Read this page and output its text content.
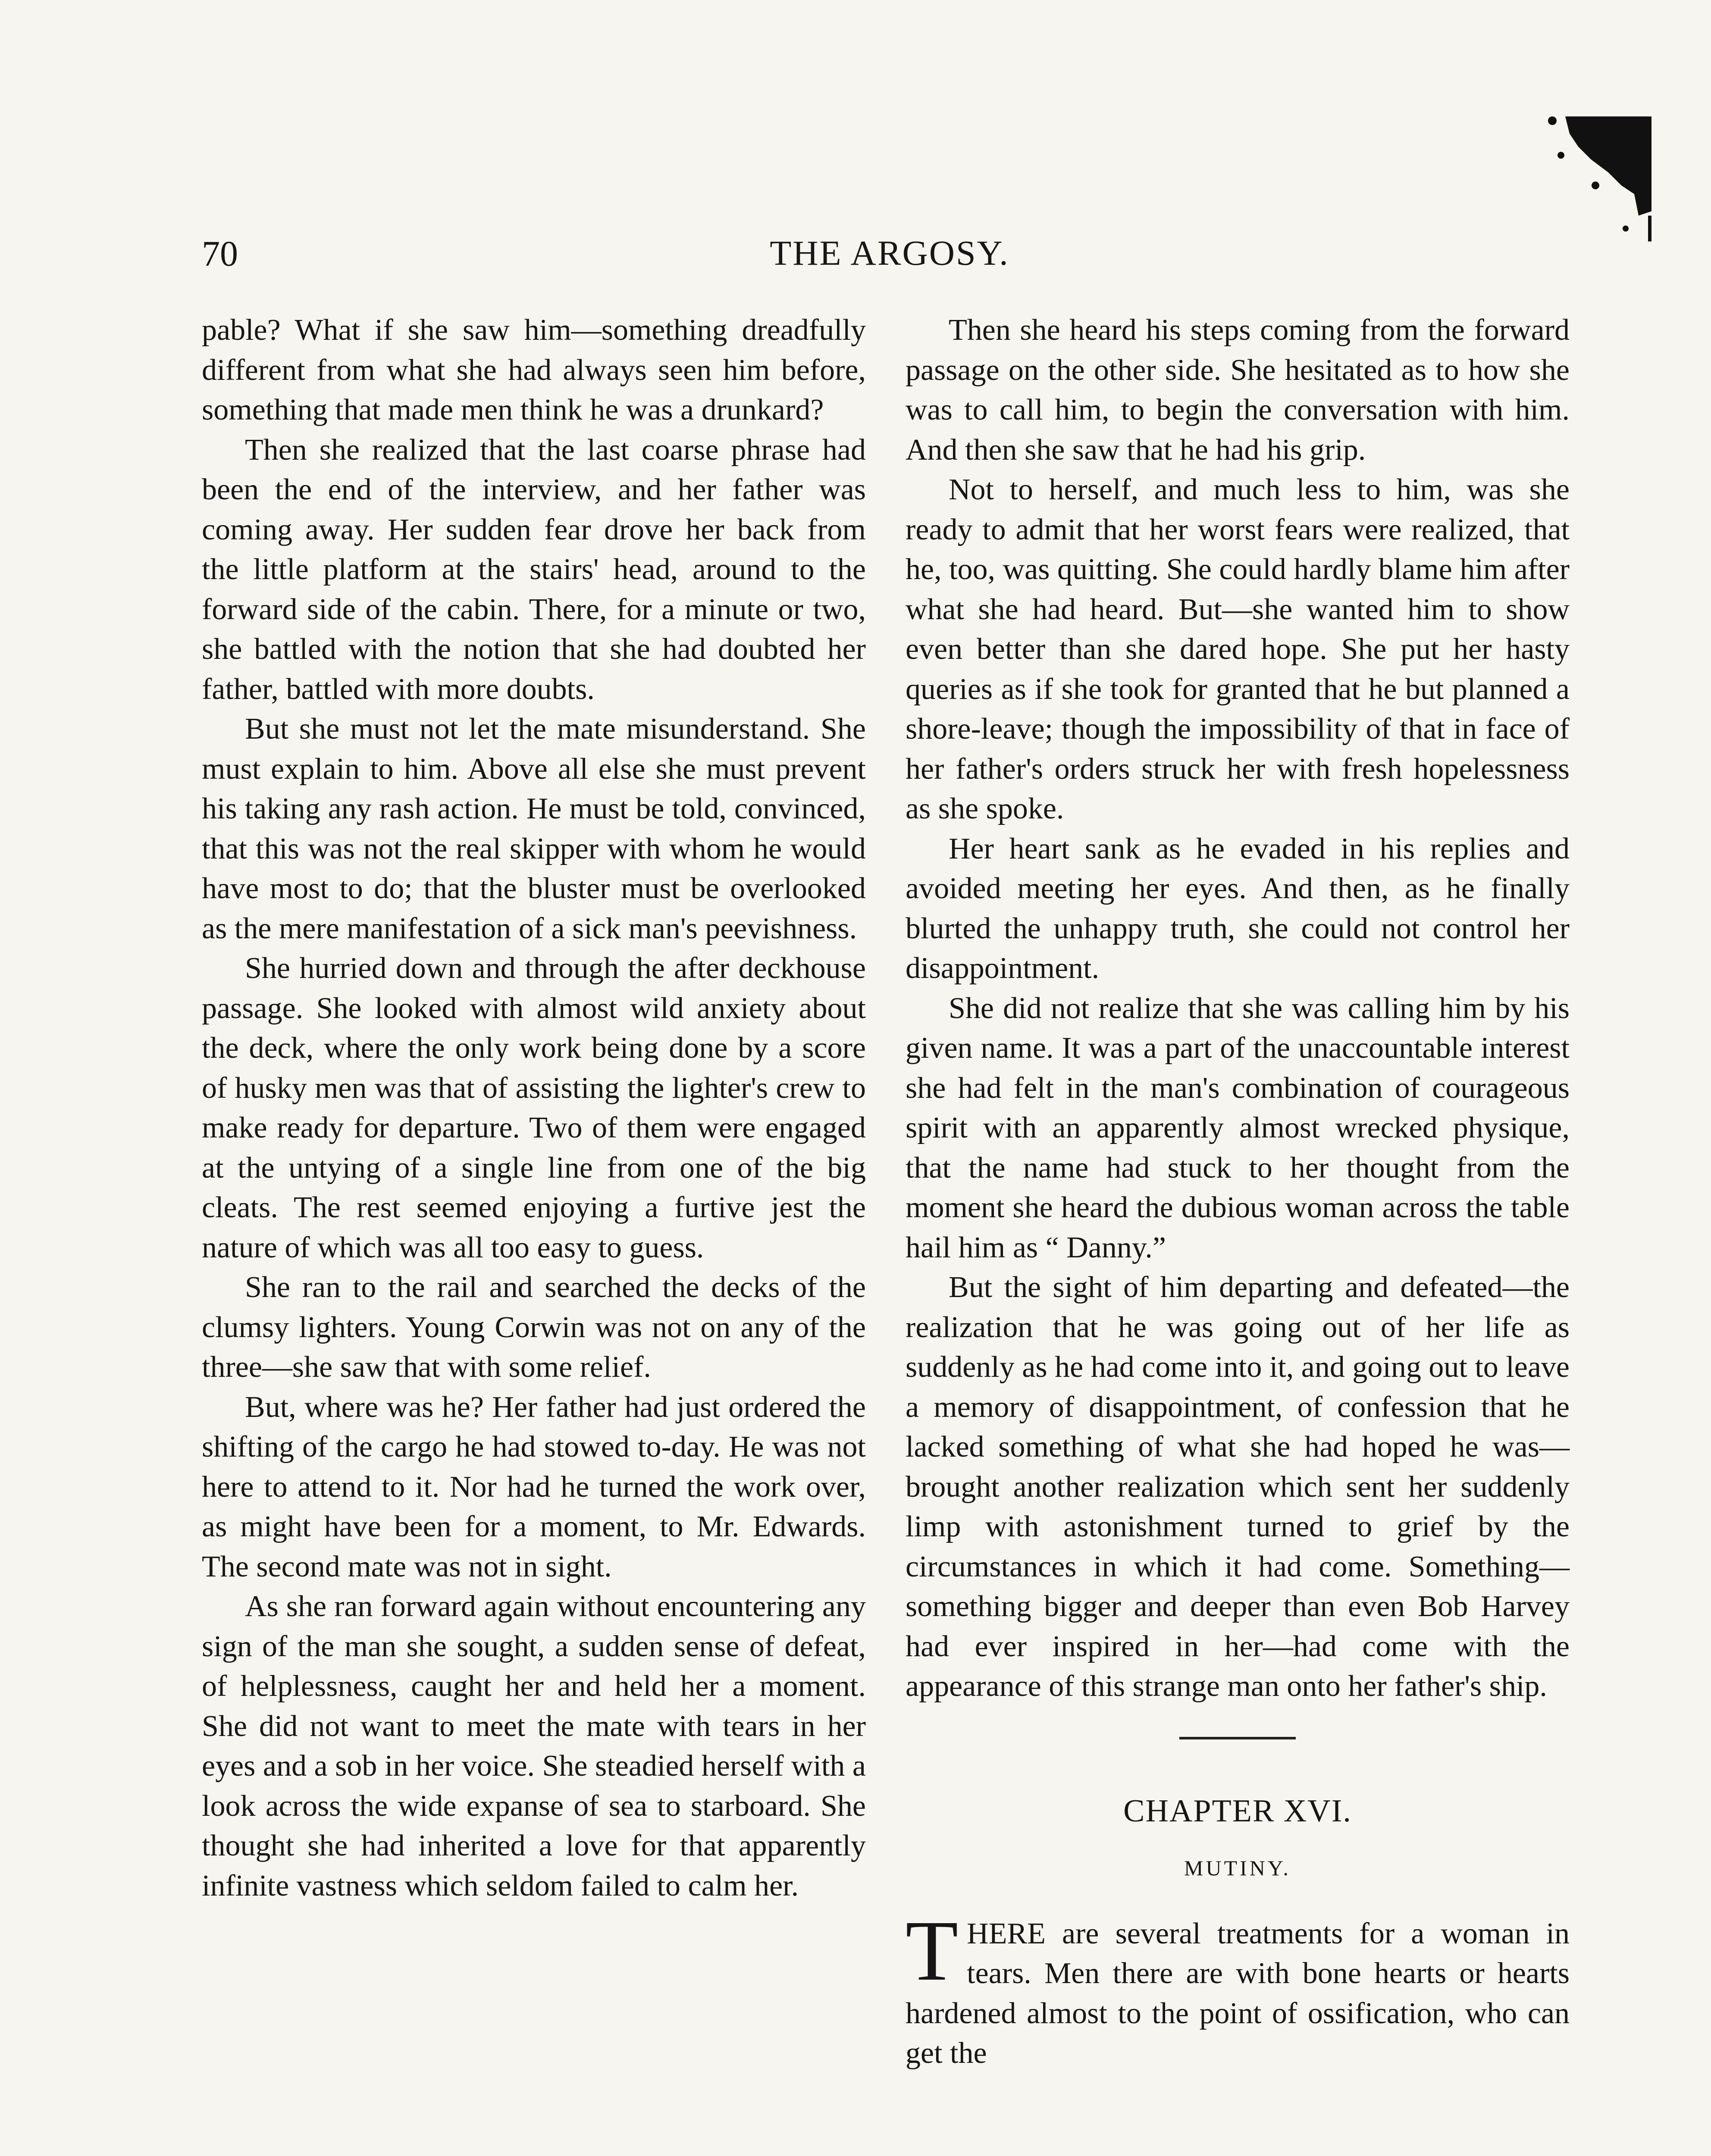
70	THE ARGOSY.

pable? What if she saw him—something dreadfully different from what she had always seen him before, something that made men think he was a drunkard?

Then she realized that the last coarse phrase had been the end of the interview, and her father was coming away. Her sudden fear drove her back from the little platform at the stairs' head, around to the forward side of the cabin. There, for a minute or two, she battled with the notion that she had doubted her father, battled with more doubts.

But she must not let the mate misunderstand. She must explain to him. Above all else she must prevent his taking any rash action. He must be told, convinced, that this was not the real skipper with whom he would have most to do; that the bluster must be overlooked as the mere manifestation of a sick man's peevishness.

She hurried down and through the after deckhouse passage. She looked with almost wild anxiety about the deck, where the only work being done by a score of husky men was that of assisting the lighter's crew to make ready for departure. Two of them were engaged at the untying of a single line from one of the big cleats. The rest seemed enjoying a furtive jest the nature of which was all too easy to guess.

She ran to the rail and searched the decks of the clumsy lighters. Young Corwin was not on any of the three—she saw that with some relief.

But, where was he? Her father had just ordered the shifting of the cargo he had stowed to-day. He was not here to attend to it. Nor had he turned the work over, as might have been for a moment, to Mr. Edwards. The second mate was not in sight.

As she ran forward again without encountering any sign of the man she sought, a sudden sense of defeat, of helplessness, caught her and held her a moment. She did not want to meet the mate with tears in her eyes and a sob in her voice. She steadied herself with a look across the wide expanse of sea to starboard. She thought she had inherited a love for that apparently infinite vastness which seldom failed to calm her.

Then she heard his steps coming from the forward passage on the other side. She hesitated as to how she was to call him, to begin the conversation with him. And then she saw that he had his grip.

Not to herself, and much less to him, was she ready to admit that her worst fears were realized, that he, too, was quitting. She could hardly blame him after what she had heard. But—she wanted him to show even better than she dared hope. She put her hasty queries as if she took for granted that he but planned a shore-leave; though the impossibility of that in face of her father's orders struck her with fresh hopelessness as she spoke.

Her heart sank as he evaded in his replies and avoided meeting her eyes. And then, as he finally blurted the unhappy truth, she could not control her disappointment.

She did not realize that she was calling him by his given name. It was a part of the unaccountable interest she had felt in the man's combination of courageous spirit with an apparently almost wrecked physique, that the name had stuck to her thought from the moment she heard the dubious woman across the table hail him as “ Danny.”

But the sight of him departing and defeated—the realization that he was going out of her life as suddenly as he had come into it, and going out to leave a memory of disappointment, of confession that he lacked something of what she had hoped he was—brought another realization which sent her suddenly limp with astonishment turned to grief by the circumstances in which it had come. Something—something bigger and deeper than even Bob Harvey had ever inspired in her—had come with the appearance of this strange man onto her father's ship.

CHAPTER XVI.
MUTINY.

THERE are several treatments for a woman in tears. Men there are with bone hearts or hearts hardened almost to the point of ossification, who can get the
